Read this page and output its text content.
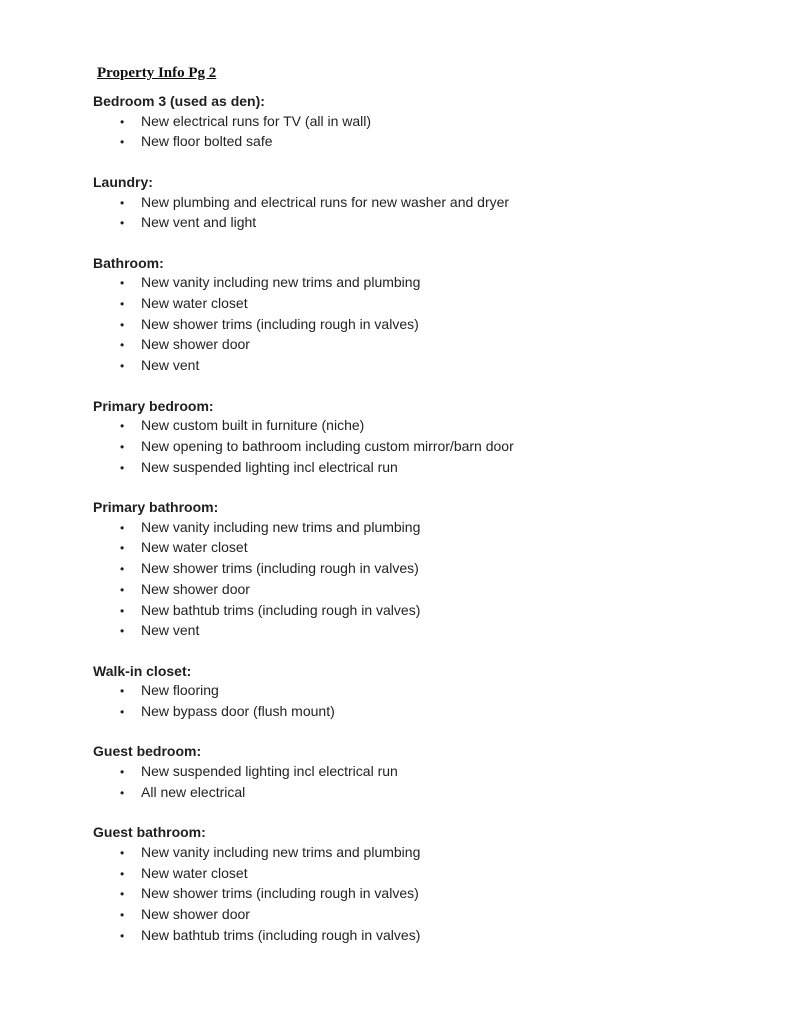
Property Info Pg 2
Bedroom 3 (used as den):
•	New electrical runs for TV (all in wall)
•	New floor bolted safe
Laundry:
•	New plumbing and electrical runs for new washer and dryer
•	New vent and light
Bathroom:
•	New vanity including new trims and plumbing
•	New water closet
•	New shower trims (including rough in valves)
•	New shower door
•	New vent
Primary bedroom:
•	New custom built in furniture (niche)
•	New opening to bathroom including custom mirror/barn door
•	New suspended lighting incl electrical run
Primary bathroom:
•	New vanity including new trims and plumbing
•	New water closet
•	New shower trims (including rough in valves)
•	New shower door
•	New bathtub trims (including rough in valves)
•	New vent
Walk-in closet:
•	New flooring
•	New bypass door (flush mount)
Guest bedroom:
•	New suspended lighting incl electrical run
•	All new electrical
Guest bathroom:
•	New vanity including new trims and plumbing
•	New water closet
•	New shower trims (including rough in valves)
•	New shower door
•	New bathtub trims (including rough in valves)
